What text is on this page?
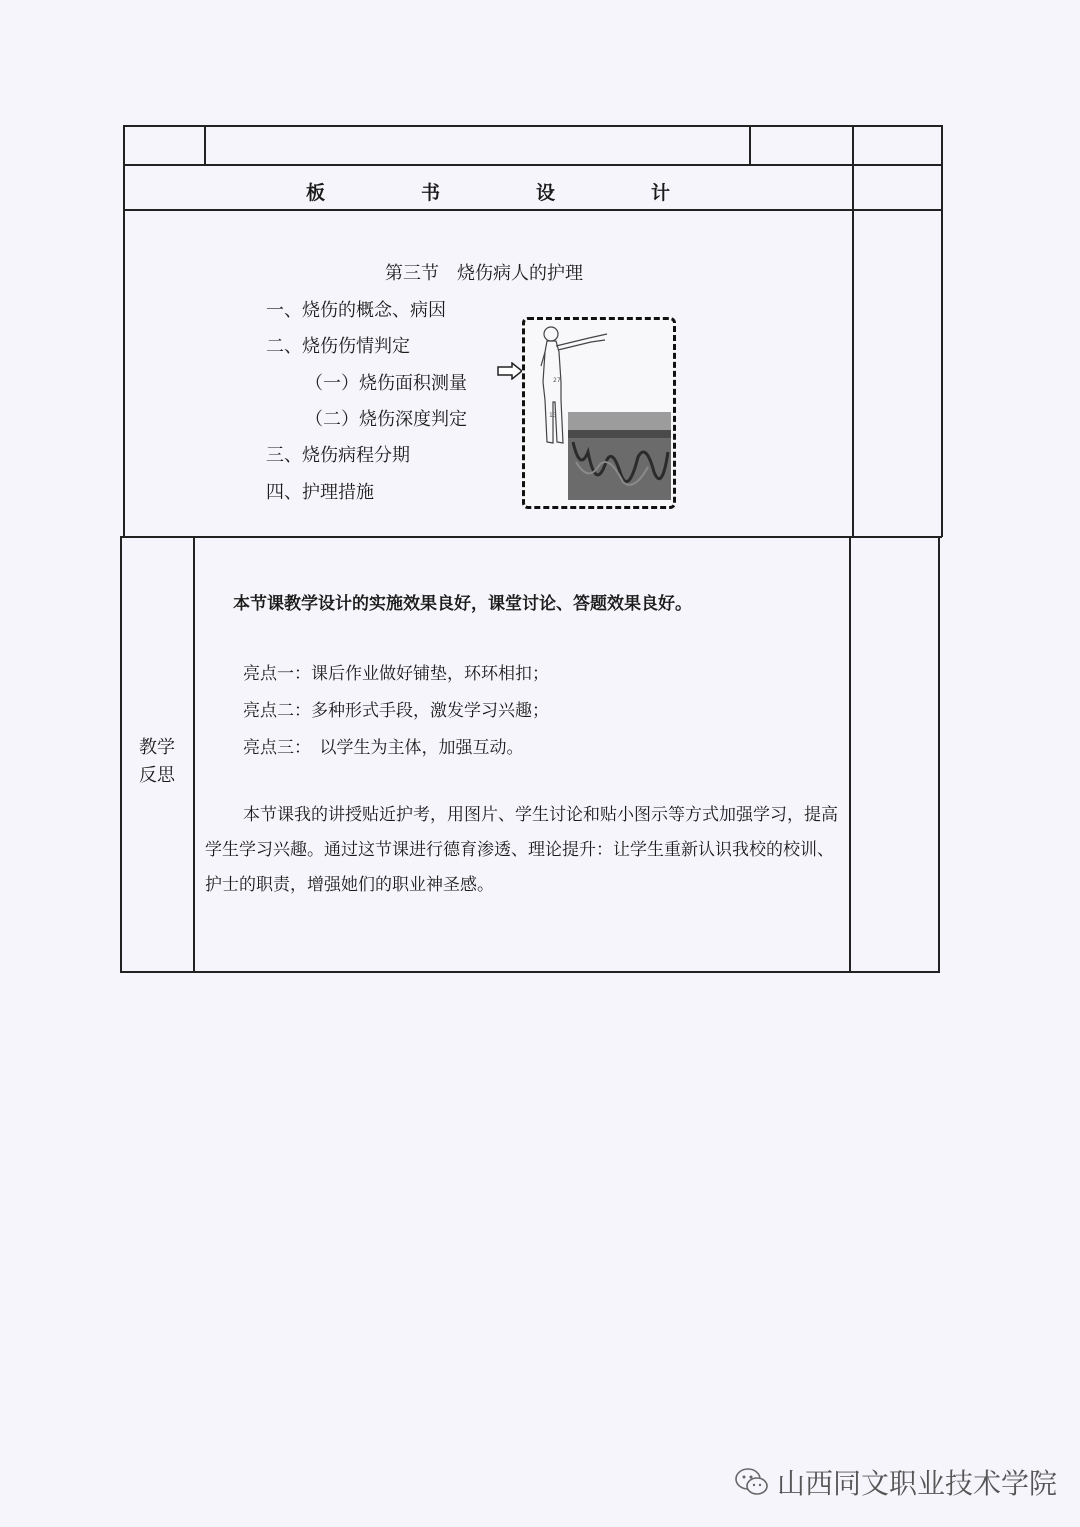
板	书	设	计
第三节　烧伤病人的护理
一、烧伤的概念、病因
二、烧伤伤情判定
（一）烧伤面积测量
（二）烧伤深度判定
三、烧伤病程分期
四、护理措施
27
13
教学
反思
本节课教学设计的实施效果良好，课堂讨论、答题效果良好。
亮点一：课后作业做好铺垫，环环相扣；
亮点二：多种形式手段，激发学习兴趣；
亮点三：　以学生为主体，加强互动。
本节课我的讲授贴近护考，用图片、学生讨论和贴小图示等方式加强学习，提高学生学习兴趣。通过这节课进行德育渗透、理论提升：让学生重新认识我校的校训、护士的职责，增强她们的职业神圣感。
山西同文职业技术学院
